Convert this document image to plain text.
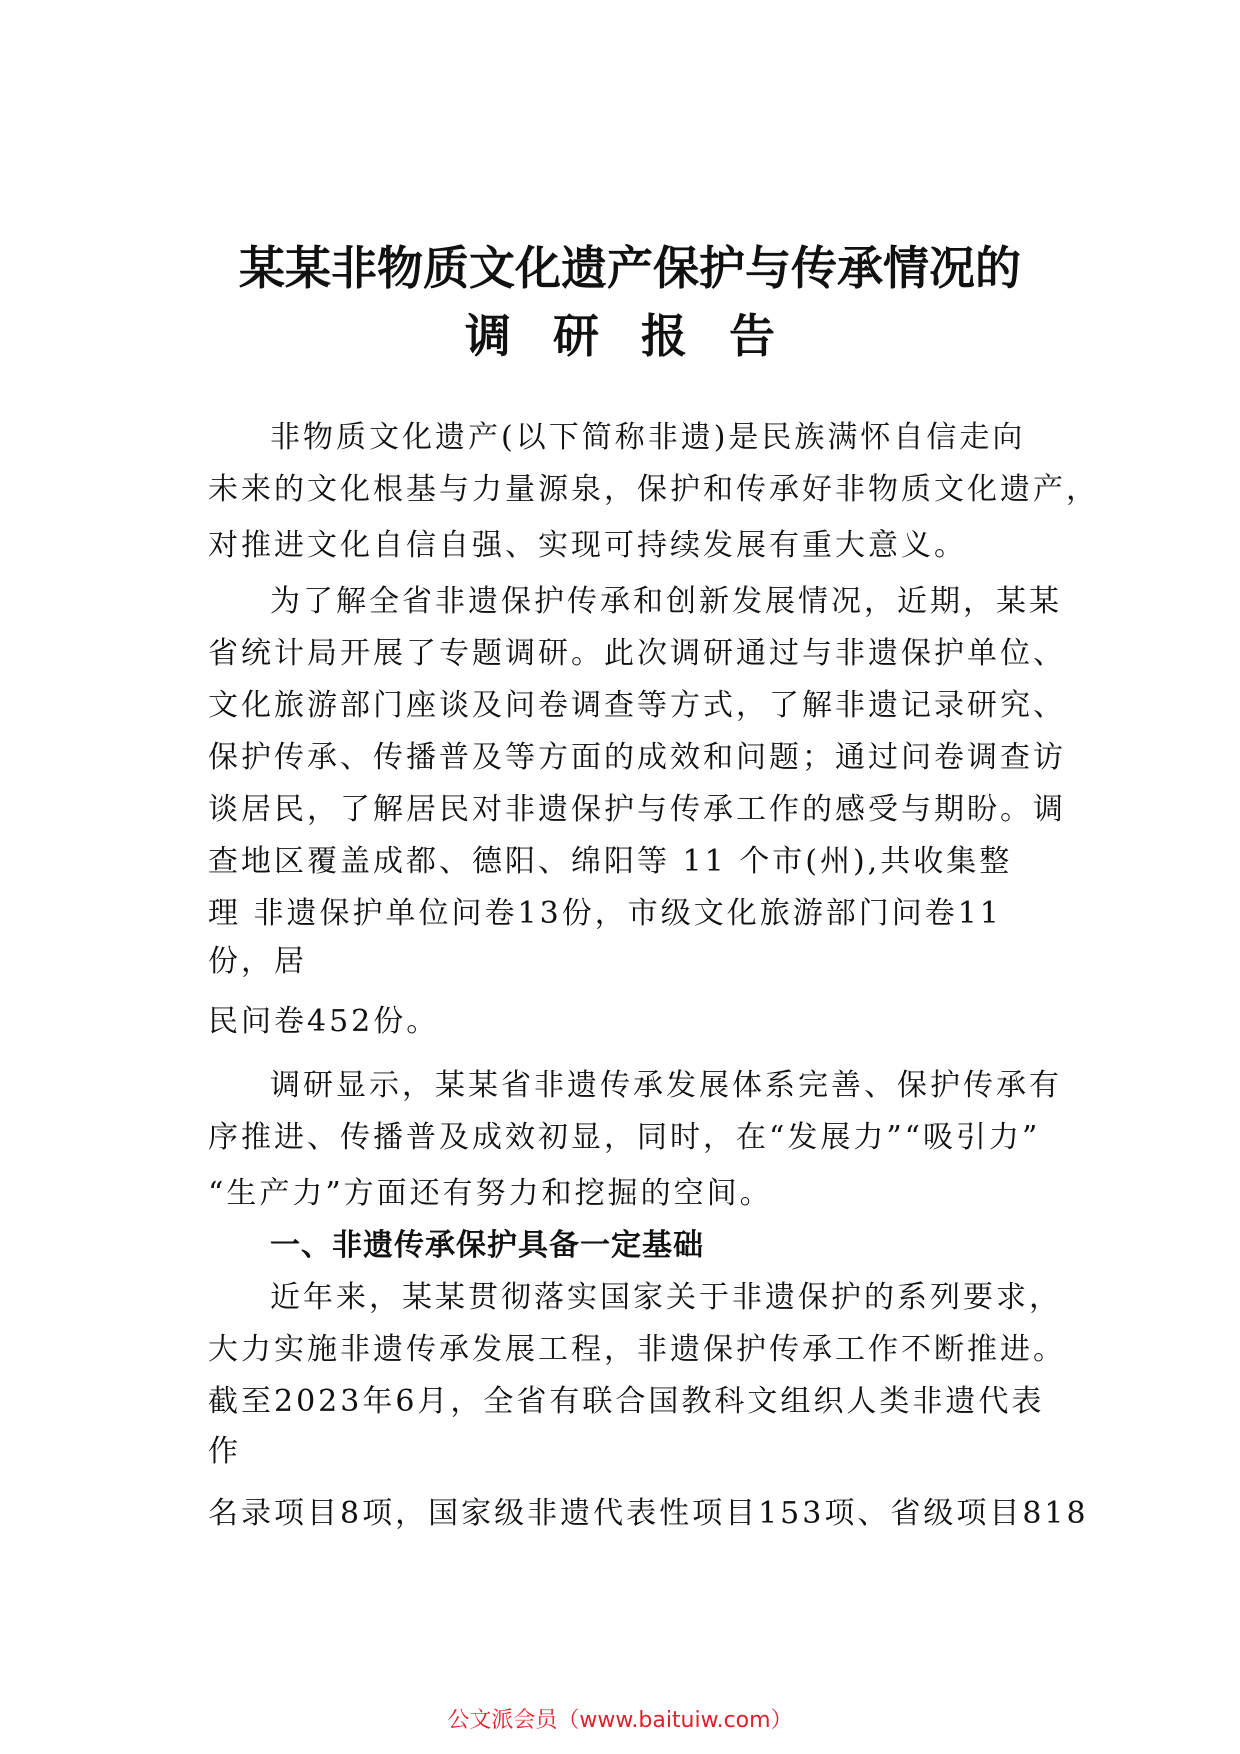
某某非物质文化遗产保护与传承情况的
调研报告
非物质文化遗产(以下简称非遗)是民族满怀自信走向
未来的文化根基与力量源泉，保护和传承好非物质文化遗产，
对推进文化自信自强、实现可持续发展有重大意义。
为了解全省非遗保护传承和创新发展情况，近期，某某
省统计局开展了专题调研。此次调研通过与非遗保护单位、
文化旅游部门座谈及问卷调查等方式，了解非遗记录研究、
保护传承、传播普及等方面的成效和问题；通过问卷调查访
谈居民，了解居民对非遗保护与传承工作的感受与期盼。调
查地区覆盖成都、德阳、绵阳等 11 个市(州),共收集整
理 非遗保护单位问卷13份，市级文化旅游部门问卷11
份，居
民问卷452份。
调研显示，某某省非遗传承发展体系完善、保护传承有
序推进、传播普及成效初显，同时，在“发展力”“吸引力”
“生产力”方面还有努力和挖掘的空间。
一、非遗传承保护具备一定基础
近年来，某某贯彻落实国家关于非遗保护的系列要求，
大力实施非遗传承发展工程，非遗保护传承工作不断推进。
截至2023年6月，全省有联合国教科文组织人类非遗代表
作
名录项目8项，国家级非遗代表性项目153项、省级项目818
公文派会员（www.baituiw.com）
